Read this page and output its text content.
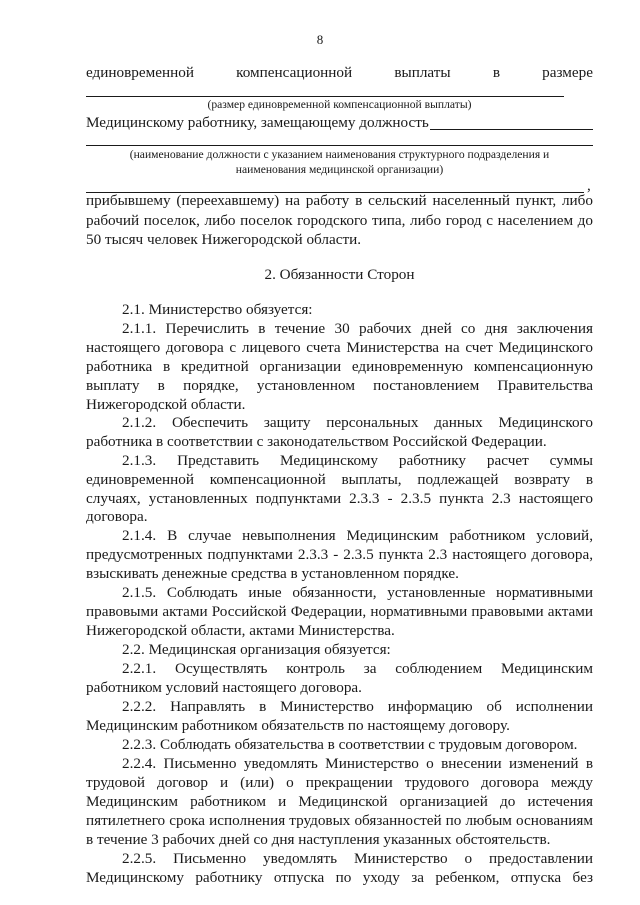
8
единовременной	компенсационной	выплаты	в	размере
(размер единовременной компенсационной выплаты)
Медицинскому работнику, замещающему должность
(наименование должности с указанием наименования структурного подразделения и
наименования медицинской организации)
,
прибывшему (переехавшему) на работу в сельский населенный пункт, либо
рабочий поселок, либо поселок городского типа, либо город с населением до
50 тысяч человек Нижегородской области.
2. Обязанности Сторон
2.1. Министерство обязуется:
2.1.1. Перечислить в течение 30 рабочих дней со дня заключения
настоящего договора с лицевого счета Министерства на счет Медицинского
работника в кредитной организации единовременную компенсационную
выплату в порядке, установленном постановлением Правительства
Нижегородской области.
2.1.2. Обеспечить защиту персональных данных Медицинского
работника в соответствии с законодательством Российской Федерации.
2.1.3. Представить Медицинскому работнику расчет суммы
единовременной компенсационной выплаты, подлежащей возврату в
случаях, установленных подпунктами 2.3.3 - 2.3.5 пункта 2.3 настоящего
договора.
2.1.4. В случае невыполнения Медицинским работником условий,
предусмотренных подпунктами 2.3.3 - 2.3.5 пункта 2.3 настоящего договора,
взыскивать денежные средства в установленном порядке.
2.1.5. Соблюдать иные обязанности, установленные нормативными
правовыми актами Российской Федерации, нормативными правовыми актами
Нижегородской области, актами Министерства.
2.2. Медицинская организация обязуется:
2.2.1. Осуществлять контроль за соблюдением Медицинским
работником условий настоящего договора.
2.2.2. Направлять в Министерство информацию об исполнении
Медицинским работником обязательств по настоящему договору.
2.2.3. Соблюдать обязательства в соответствии с трудовым договором.
2.2.4. Письменно уведомлять Министерство о внесении изменений в
трудовой договор и (или) о прекращении трудового договора между
Медицинским работником и Медицинской организацией до истечения
пятилетнего срока исполнения трудовых обязанностей по любым основаниям
в течение 3 рабочих дней со дня наступления указанных обстоятельств.
2.2.5. Письменно уведомлять Министерство о предоставлении
Медицинскому работнику отпуска по уходу за ребенком, отпуска без
